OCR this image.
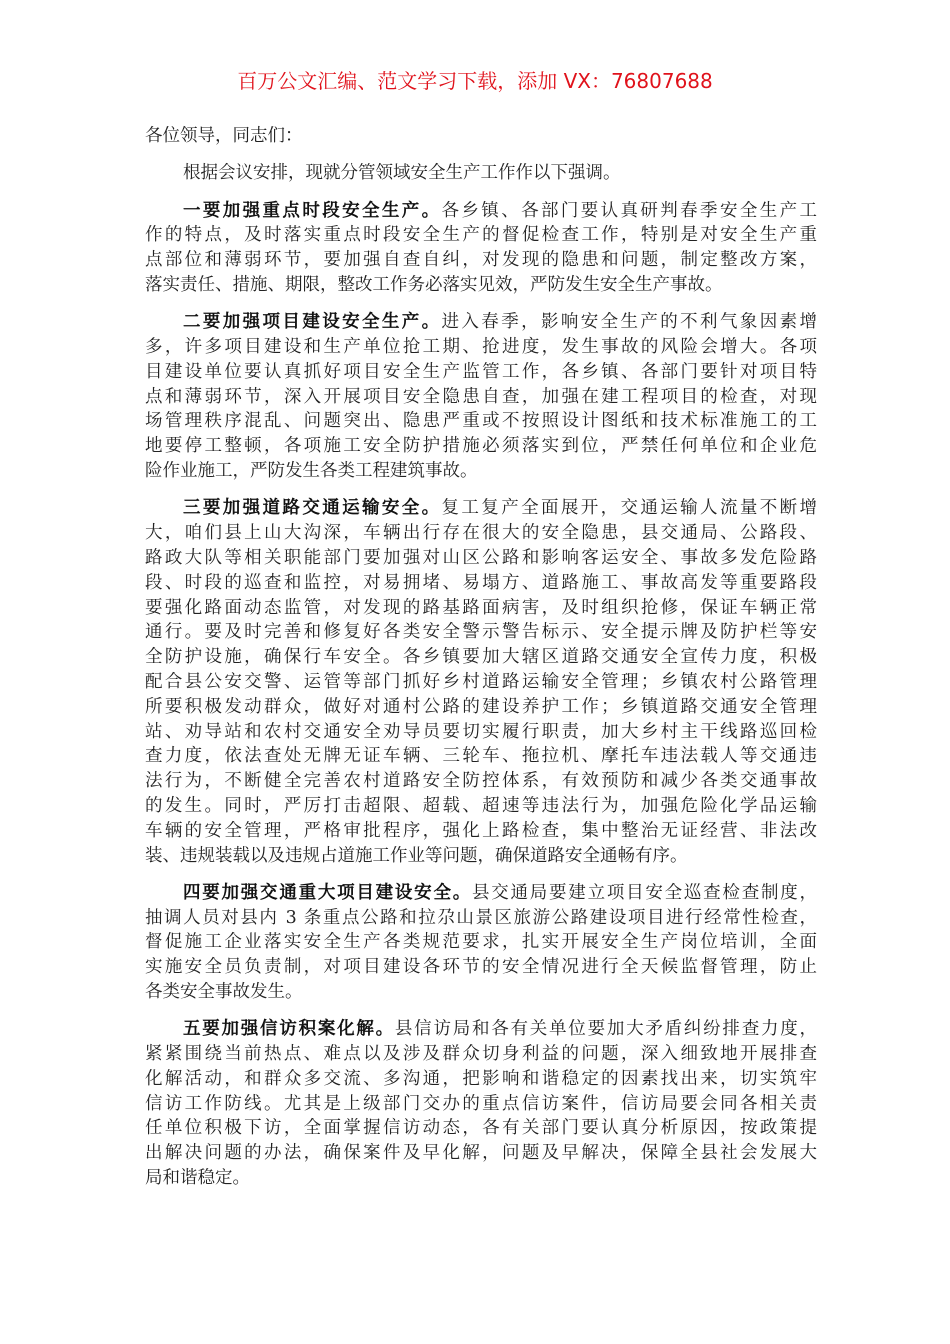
百万公文汇编、范文学习下载，添加 VX：76807688
各位领导，同志们：
根据会议安排，现就分管领域安全生产工作作以下强调。
一要加强重点时段安全生产。各乡镇、各部门要认真研判春季安全生产工
作的特点，及时落实重点时段安全生产的督促检查工作，特别是对安全生产重
点部位和薄弱环节，要加强自查自纠，对发现的隐患和问题，制定整改方案，
落实责任、措施、期限，整改工作务必落实见效，严防发生安全生产事故。
二要加强项目建设安全生产。进入春季，影响安全生产的不利气象因素增
多，许多项目建设和生产单位抢工期、抢进度，发生事故的风险会增大。各项
目建设单位要认真抓好项目安全生产监管工作，各乡镇、各部门要针对项目特
点和薄弱环节，深入开展项目安全隐患自查，加强在建工程项目的检查，对现
场管理秩序混乱、问题突出、隐患严重或不按照设计图纸和技术标准施工的工
地要停工整顿，各项施工安全防护措施必须落实到位，严禁任何单位和企业危
险作业施工，严防发生各类工程建筑事故。
三要加强道路交通运输安全。复工复产全面展开，交通运输人流量不断增
大，咱们县上山大沟深，车辆出行存在很大的安全隐患，县交通局、公路段、
路政大队等相关职能部门要加强对山区公路和影响客运安全、事故多发危险路
段、时段的巡查和监控，对易拥堵、易塌方、道路施工、事故高发等重要路段
要强化路面动态监管，对发现的路基路面病害，及时组织抢修，保证车辆正常
通行。要及时完善和修复好各类安全警示警告标示、安全提示牌及防护栏等安
全防护设施，确保行车安全。各乡镇要加大辖区道路交通安全宣传力度，积极
配合县公安交警、运管等部门抓好乡村道路运输安全管理；乡镇农村公路管理
所要积极发动群众，做好对通村公路的建设养护工作；乡镇道路交通安全管理
站、劝导站和农村交通安全劝导员要切实履行职责，加大乡村主干线路巡回检
查力度，依法查处无牌无证车辆、三轮车、拖拉机、摩托车违法载人等交通违
法行为，不断健全完善农村道路安全防控体系，有效预防和减少各类交通事故
的发生。同时，严厉打击超限、超载、超速等违法行为，加强危险化学品运输
车辆的安全管理，严格审批程序，强化上路检查，集中整治无证经营、非法改
装、违规装载以及违规占道施工作业等问题，确保道路安全通畅有序。
四要加强交通重大项目建设安全。县交通局要建立项目安全巡查检查制度，
抽调人员对县内 3 条重点公路和拉尕山景区旅游公路建设项目进行经常性检查，
督促施工企业落实安全生产各类规范要求，扎实开展安全生产岗位培训，全面
实施安全员负责制，对项目建设各环节的安全情况进行全天候监督管理，防止
各类安全事故发生。
五要加强信访积案化解。县信访局和各有关单位要加大矛盾纠纷排查力度，
紧紧围绕当前热点、难点以及涉及群众切身利益的问题，深入细致地开展排查
化解活动，和群众多交流、多沟通，把影响和谐稳定的因素找出来，切实筑牢
信访工作防线。尤其是上级部门交办的重点信访案件，信访局要会同各相关责
任单位积极下访，全面掌握信访动态，各有关部门要认真分析原因，按政策提
出解决问题的办法，确保案件及早化解，问题及早解决，保障全县社会发展大
局和谐稳定。
